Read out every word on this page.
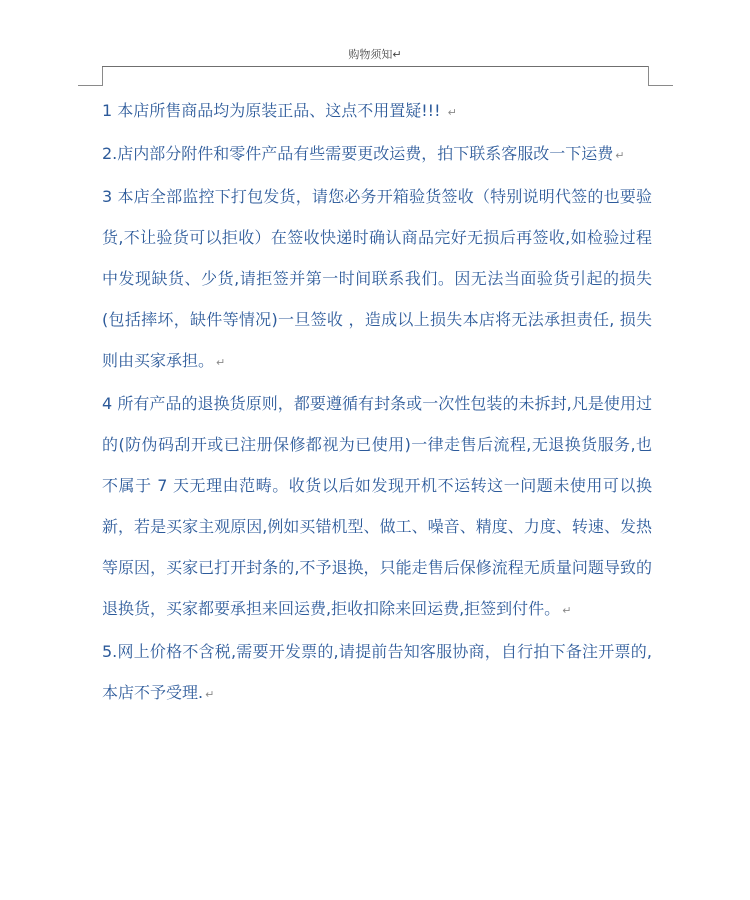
购物须知↵

1 本店所售商品均为原装正品、这点不用置疑!!! ↵

2.店内部分附件和零件产品有些需要更改运费，拍下联系客服改一下运费 ↵

3 本店全部监控下打包发货，请您必务开箱验货签收（特别说明代签的也要验货,不让验货可以拒收）在签收快递时确认商品完好无损后再签收,如检验过程中发现缺货、少货,请拒签并第一时间联系我们。因无法当面验货引起的损失(包括摔坏，缺件等情况)一旦签收 ，造成以上损失本店将无法承担责任, 损失则由买家承担。 ↵

4 所有产品的退换货原则，都要遵循有封条或一次性包装的未拆封,凡是使用过的(防伪码刮开或已注册保修都视为已使用)一律走售后流程,无退换货服务,也不属于 7 天无理由范畴。收货以后如发现开机不运转这一问题未使用可以换新，若是买家主观原因,例如买错机型、做工、噪音、精度、力度、转速、发热等原因，买家已打开封条的,不予退换，只能走售后保修流程无质量问题导致的退换货，买家都要承担来回运费,拒收扣除来回运费,拒签到付件。 ↵

5.网上价格不含税,需要开发票的,请提前告知客服协商，自行拍下备注开票的,本店不予受理. ↵
